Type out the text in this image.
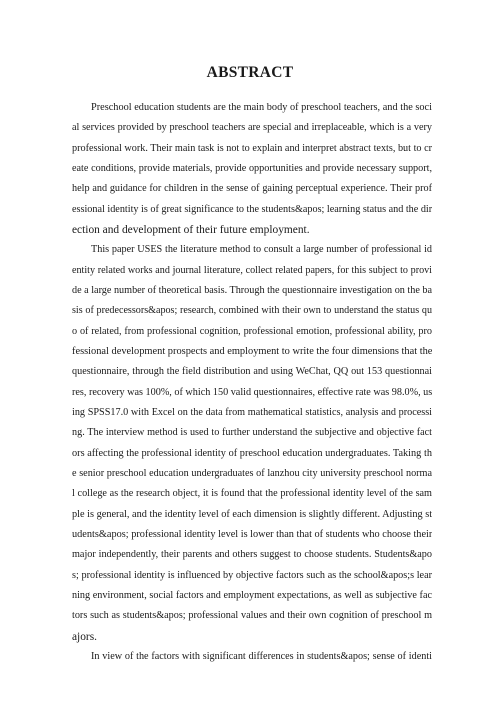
ABSTRACT
Preschool education students are the main body of preschool teachers, and the soci
al services provided by preschool teachers are special and irreplaceable, which is a very
professional work. Their main task is not to explain and interpret abstract texts, but to cr
eate conditions, provide materials, provide opportunities and provide necessary support,
help and guidance for children in the sense of gaining perceptual experience. Their prof
essional identity is of great significance to the students&apos; learning status and the dir
ection and development of their future employment.
This paper USES the literature method to consult a large number of professional id
entity related works and journal literature, collect related papers, for this subject to provi
de a large number of theoretical basis. Through the questionnaire investigation on the ba
sis of predecessors&apos; research, combined with their own to understand the status qu
o of related, from professional cognition, professional emotion, professional ability, pro
fessional development prospects and employment to write the four dimensions that the
questionnaire, through the field distribution and using WeChat, QQ out 153 questionnai
res, recovery was 100%, of which 150 valid questionnaires, effective rate was 98.0%, us
ing SPSS17.0 with Excel on the data from mathematical statistics, analysis and processi
ng. The interview method is used to further understand the subjective and objective fact
ors affecting the professional identity of preschool education undergraduates. Taking th
e senior preschool education undergraduates of lanzhou city university preschool norma
l college as the research object, it is found that the professional identity level of the sam
ple is general, and the identity level of each dimension is slightly different. Adjusting st
udents&apos; professional identity level is lower than that of students who choose their
major independently, their parents and others suggest to choose students. Students&apo
s; professional identity is influenced by objective factors such as the school&apos;s lear
ning environment, social factors and employment expectations, as well as subjective fac
tors such as students&apos; professional values and their own cognition of preschool m
ajors.
In view of the factors with significant differences in students&apos; sense of identi
